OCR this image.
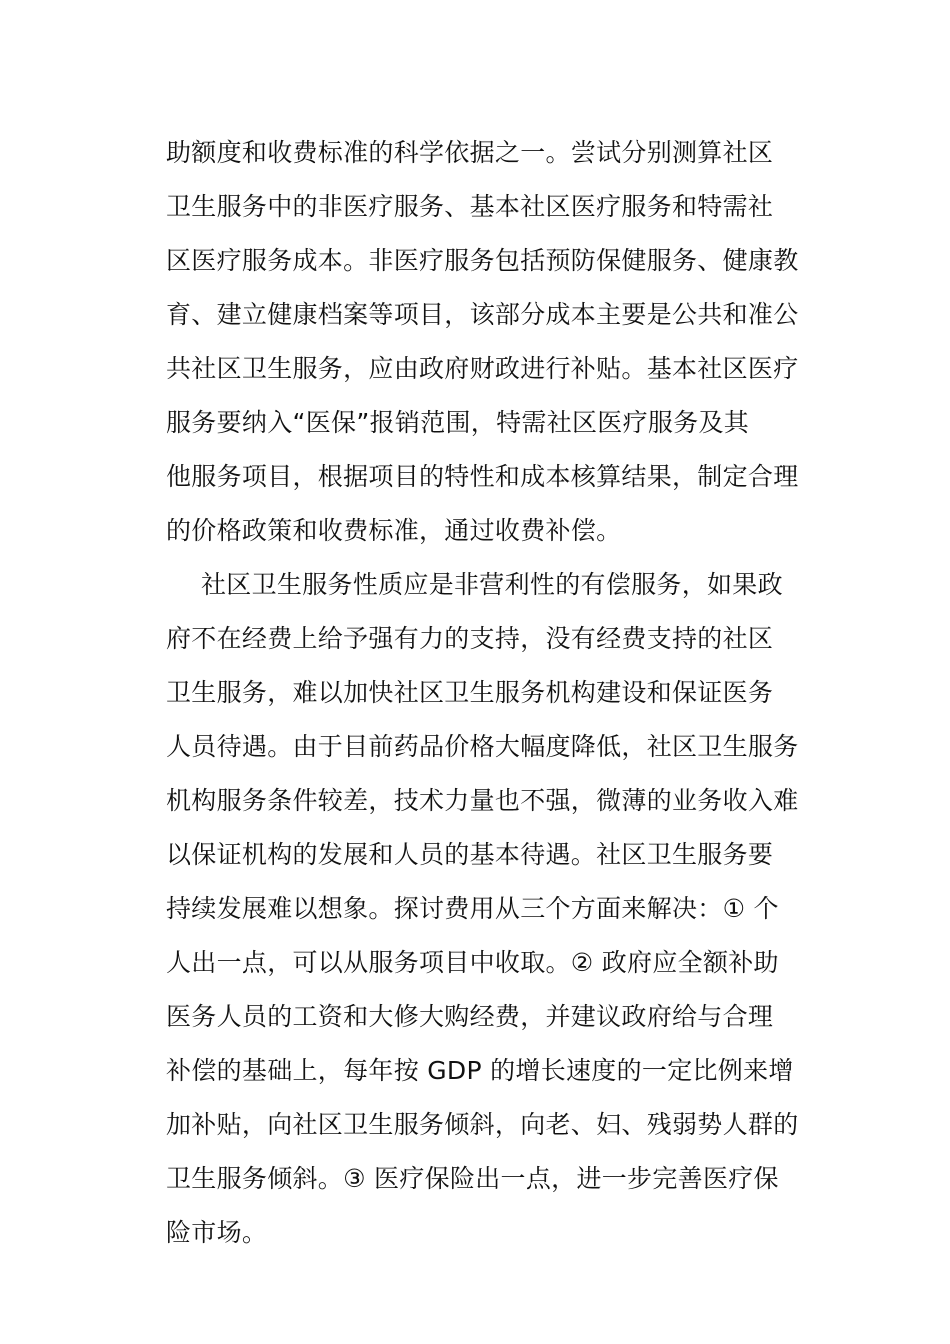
助额度和收费标准的科学依据之一。尝试分别测算社区

卫生服务中的非医疗服务、基本社区医疗服务和特需社

区医疗服务成本。非医疗服务包括预防保健服务、健康教

育、建立健康档案等项目，该部分成本主要是公共和准公

共社区卫生服务，应由政府财政进行补贴。基本社区医疗

服务要纳入“医保”报销范围，特需社区医疗服务及其

他服务项目，根据项目的特性和成本核算结果，制定合理

的价格政策和收费标准，通过收费补偿。

社区卫生服务性质应是非营利性的有偿服务，如果政

府不在经费上给予强有力的支持，没有经费支持的社区

卫生服务，难以加快社区卫生服务机构建设和保证医务

人员待遇。由于目前药品价格大幅度降低，社区卫生服务

机构服务条件较差，技术力量也不强，微薄的业务收入难

以保证机构的发展和人员的基本待遇。社区卫生服务要

持续发展难以想象。探讨费用从三个方面来解决：① 个

人出一点，可以从服务项目中收取。② 政府应全额补助

医务人员的工资和大修大购经费，并建议政府给与合理

补偿的基础上，每年按 GDP 的增长速度的一定比例来增

加补贴，向社区卫生服务倾斜，向老、妇、残弱势人群的

卫生服务倾斜。③ 医疗保险出一点，进一步完善医疗保

险市场。
